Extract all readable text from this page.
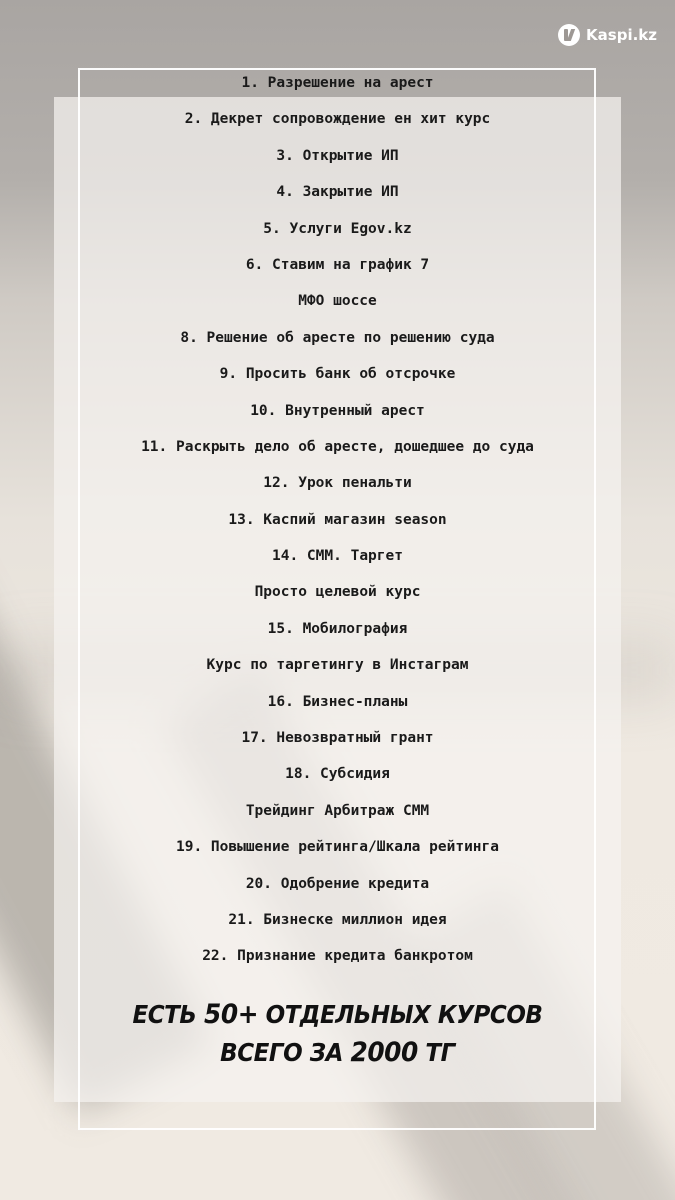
Kaspi.kz
1. Разрешение на арест
2. Декрет сопровождение ен хит курс
3. Открытие ИП
4. Закрытие ИП
5. Услуги Egov.kz
6. Ставим на график 7
МФО шоссе
8. Решение об аресте по решению суда
9. Просить банк об отсрочке
10. Внутренный арест
11. Раскрыть дело об аресте, дошедшее до суда
12. Урок пенальти
13. Каспий магазин season
14. СММ. Таргет
Просто целевой курс
15. Мобилография
Курс по таргетингу в Инстаграм
16. Бизнес-планы
17. Невозвратный грант
18. Субсидия
Трейдинг Арбитраж СММ
19. Повышение рейтинга/Шкала рейтинга
20. Одобрение кредита
21. Бизнеске миллион идея
22. Признание кредита банкротом
ЕСТЬ 50+ ОТДЕЛЬНЫХ КУРСОВ
ВСЕГО ЗА 2000 ТГ
